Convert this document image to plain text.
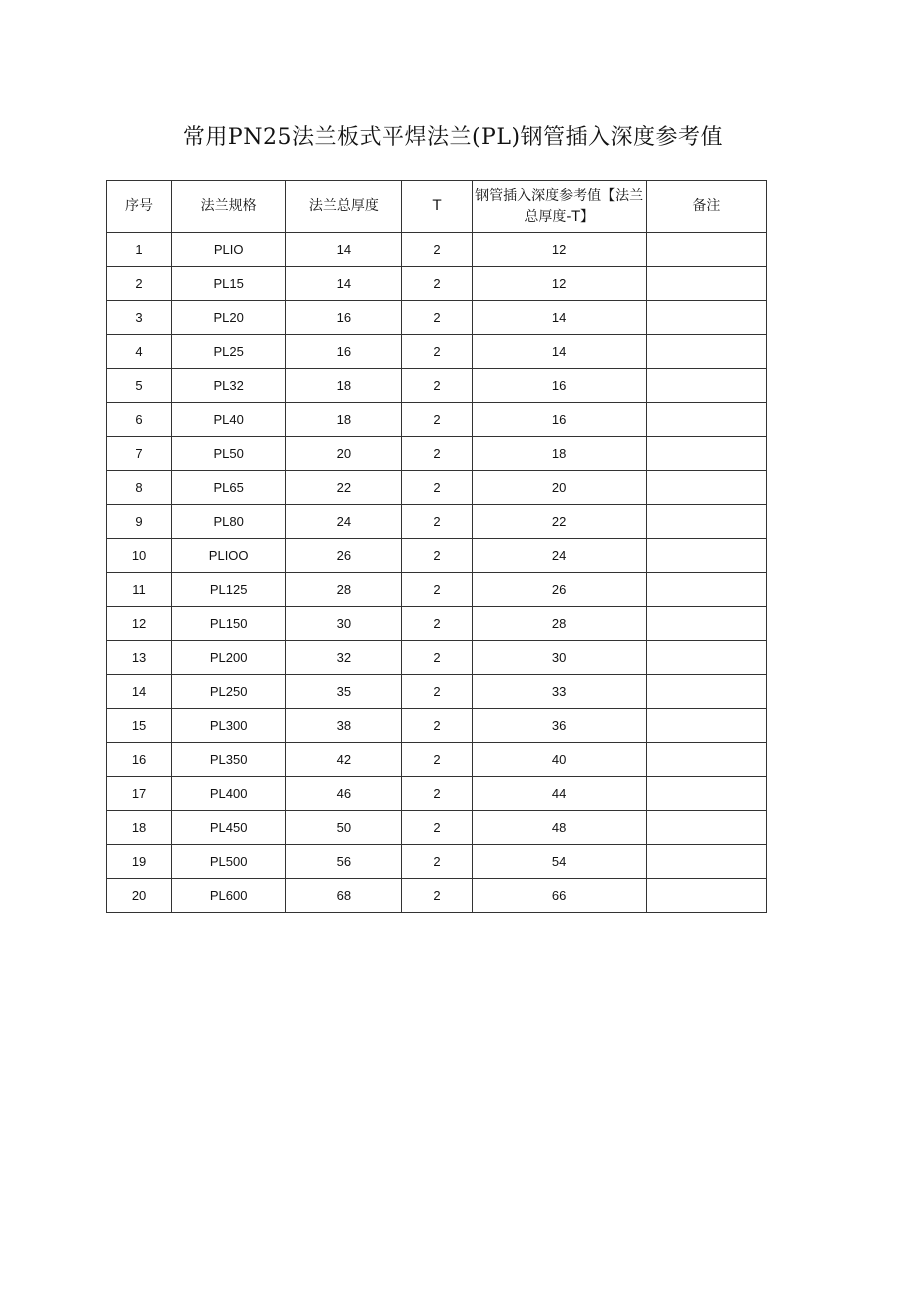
常用PN25法兰板式平焊法兰(PL)钢管插入深度参考值
序号	法兰规格	法兰总厚度	T	钢管插入深度参考值【法兰总厚度-T】	备注
1	PLIO	14	2	12	
2	PL15	14	2	12	
3	PL20	16	2	14	
4	PL25	16	2	14	
5	PL32	18	2	16	
6	PL40	18	2	16	
7	PL50	20	2	18	
8	PL65	22	2	20	
9	PL80	24	2	22	
10	PLIOO	26	2	24	
11	PL125	28	2	26	
12	PL150	30	2	28	
13	PL200	32	2	30	
14	PL250	35	2	33	
15	PL300	38	2	36	
16	PL350	42	2	40	
17	PL400	46	2	44	
18	PL450	50	2	48	
19	PL500	56	2	54	
20	PL600	68	2	66	
